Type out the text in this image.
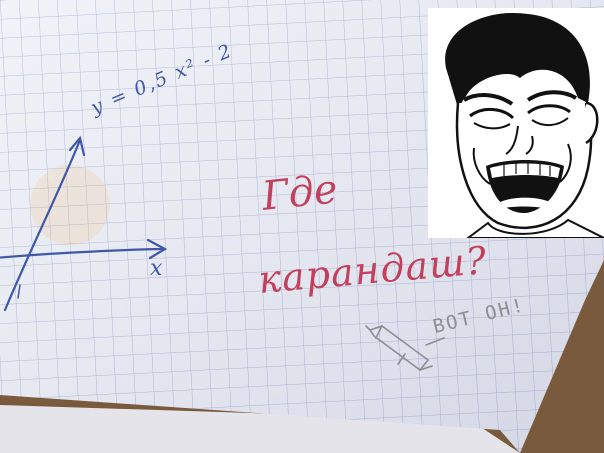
y = 0,5 x² - 2
x
Где
карандаш?
ВОТ ОН!
